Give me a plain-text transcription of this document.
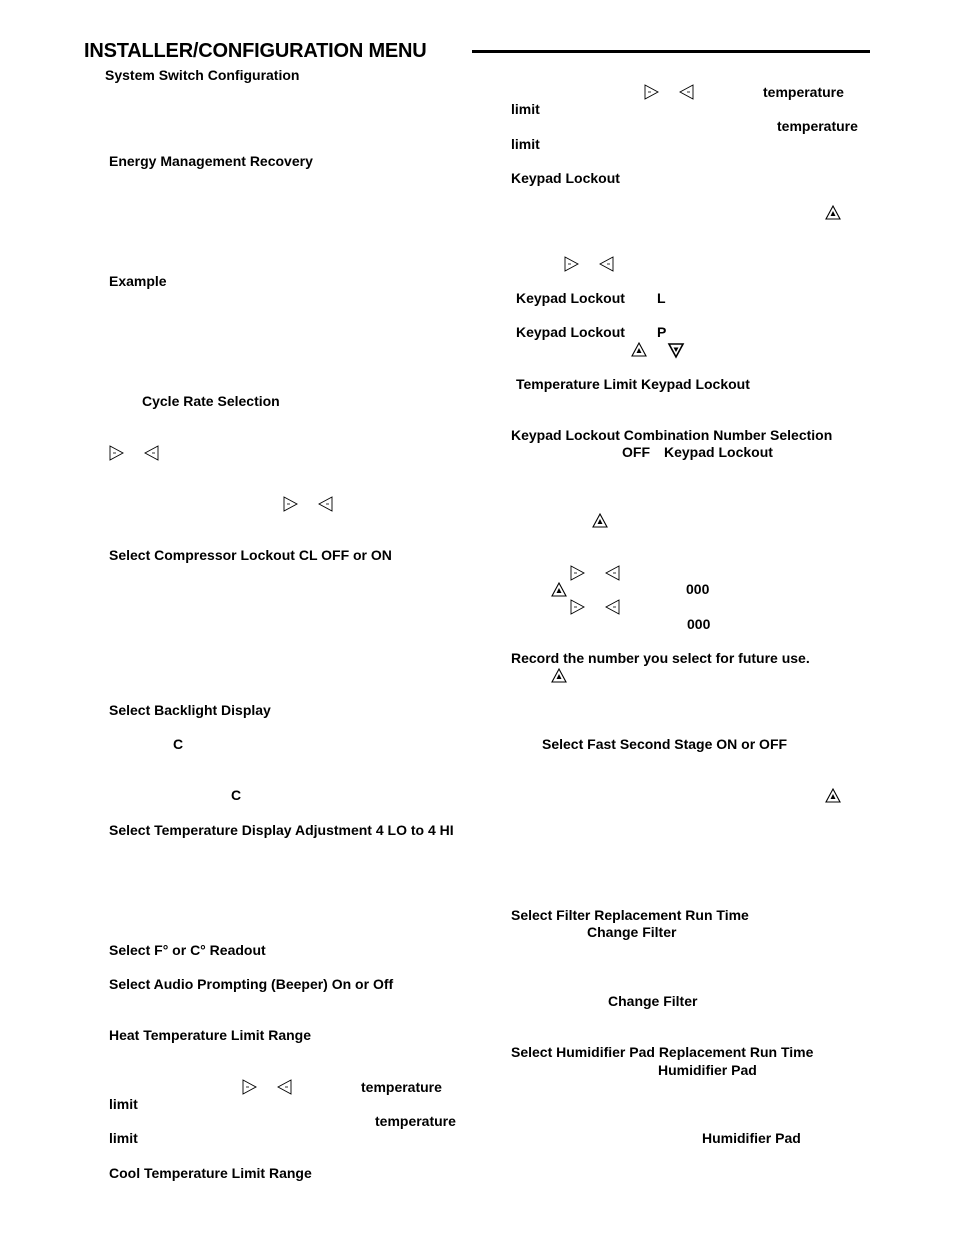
INSTALLER/CONFIGURATION MENU
System Switch Configuration
Energy Management Recovery
Example
Cycle Rate Selection
Select Compressor Lockout CL OFF or ON
Select Backlight Display
C
C
Select Temperature Display Adjustment 4 LO to 4 HI
Select F° or C° Readout
Select Audio Prompting (Beeper) On or Off
Heat Temperature Limit Range
temperature
limit
temperature
limit
Cool Temperature Limit Range
temperature
limit
temperature
limit
Keypad Lockout
Keypad Lockout L
Keypad Lockout P
Temperature Limit Keypad Lockout
Keypad Lockout Combination Number Selection
OFF Keypad Lockout
000
000
Record the number you select for future use.
Select Fast Second Stage ON or OFF
Select Filter Replacement Run Time
Change Filter
Change Filter
Select Humidifier Pad Replacement Run Time
Humidifier Pad
Humidifier Pad
